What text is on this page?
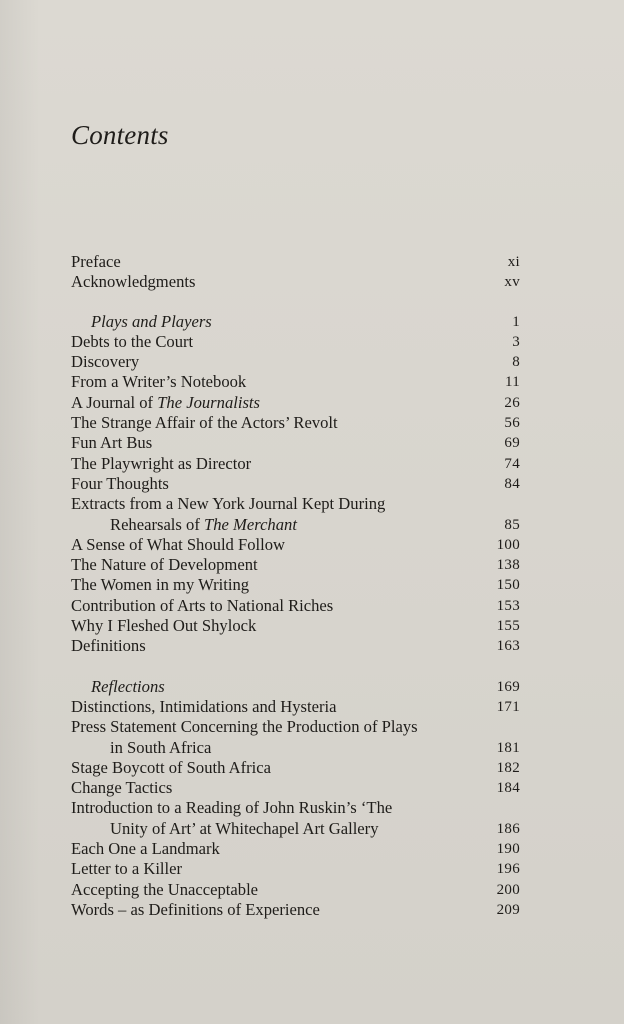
Contents
Preface	xi
Acknowledgments	xv
Plays and Players	1
Debts to the Court	3
Discovery	8
From a Writer’s Notebook	11
A Journal of The Journalists	26
The Strange Affair of the Actors’ Revolt	56
Fun Art Bus	69
The Playwright as Director	74
Four Thoughts	84
Extracts from a New York Journal Kept During
Rehearsals of The Merchant	85
A Sense of What Should Follow	100
The Nature of Development	138
The Women in my Writing	150
Contribution of Arts to National Riches	153
Why I Fleshed Out Shylock	155
Definitions	163
Reflections	169
Distinctions, Intimidations and Hysteria	171
Press Statement Concerning the Production of Plays
in South Africa	181
Stage Boycott of South Africa	182
Change Tactics	184
Introduction to a Reading of John Ruskin’s ‘The
Unity of Art’ at Whitechapel Art Gallery	186
Each One a Landmark	190
Letter to a Killer	196
Accepting the Unacceptable	200
Words – as Definitions of Experience	209
